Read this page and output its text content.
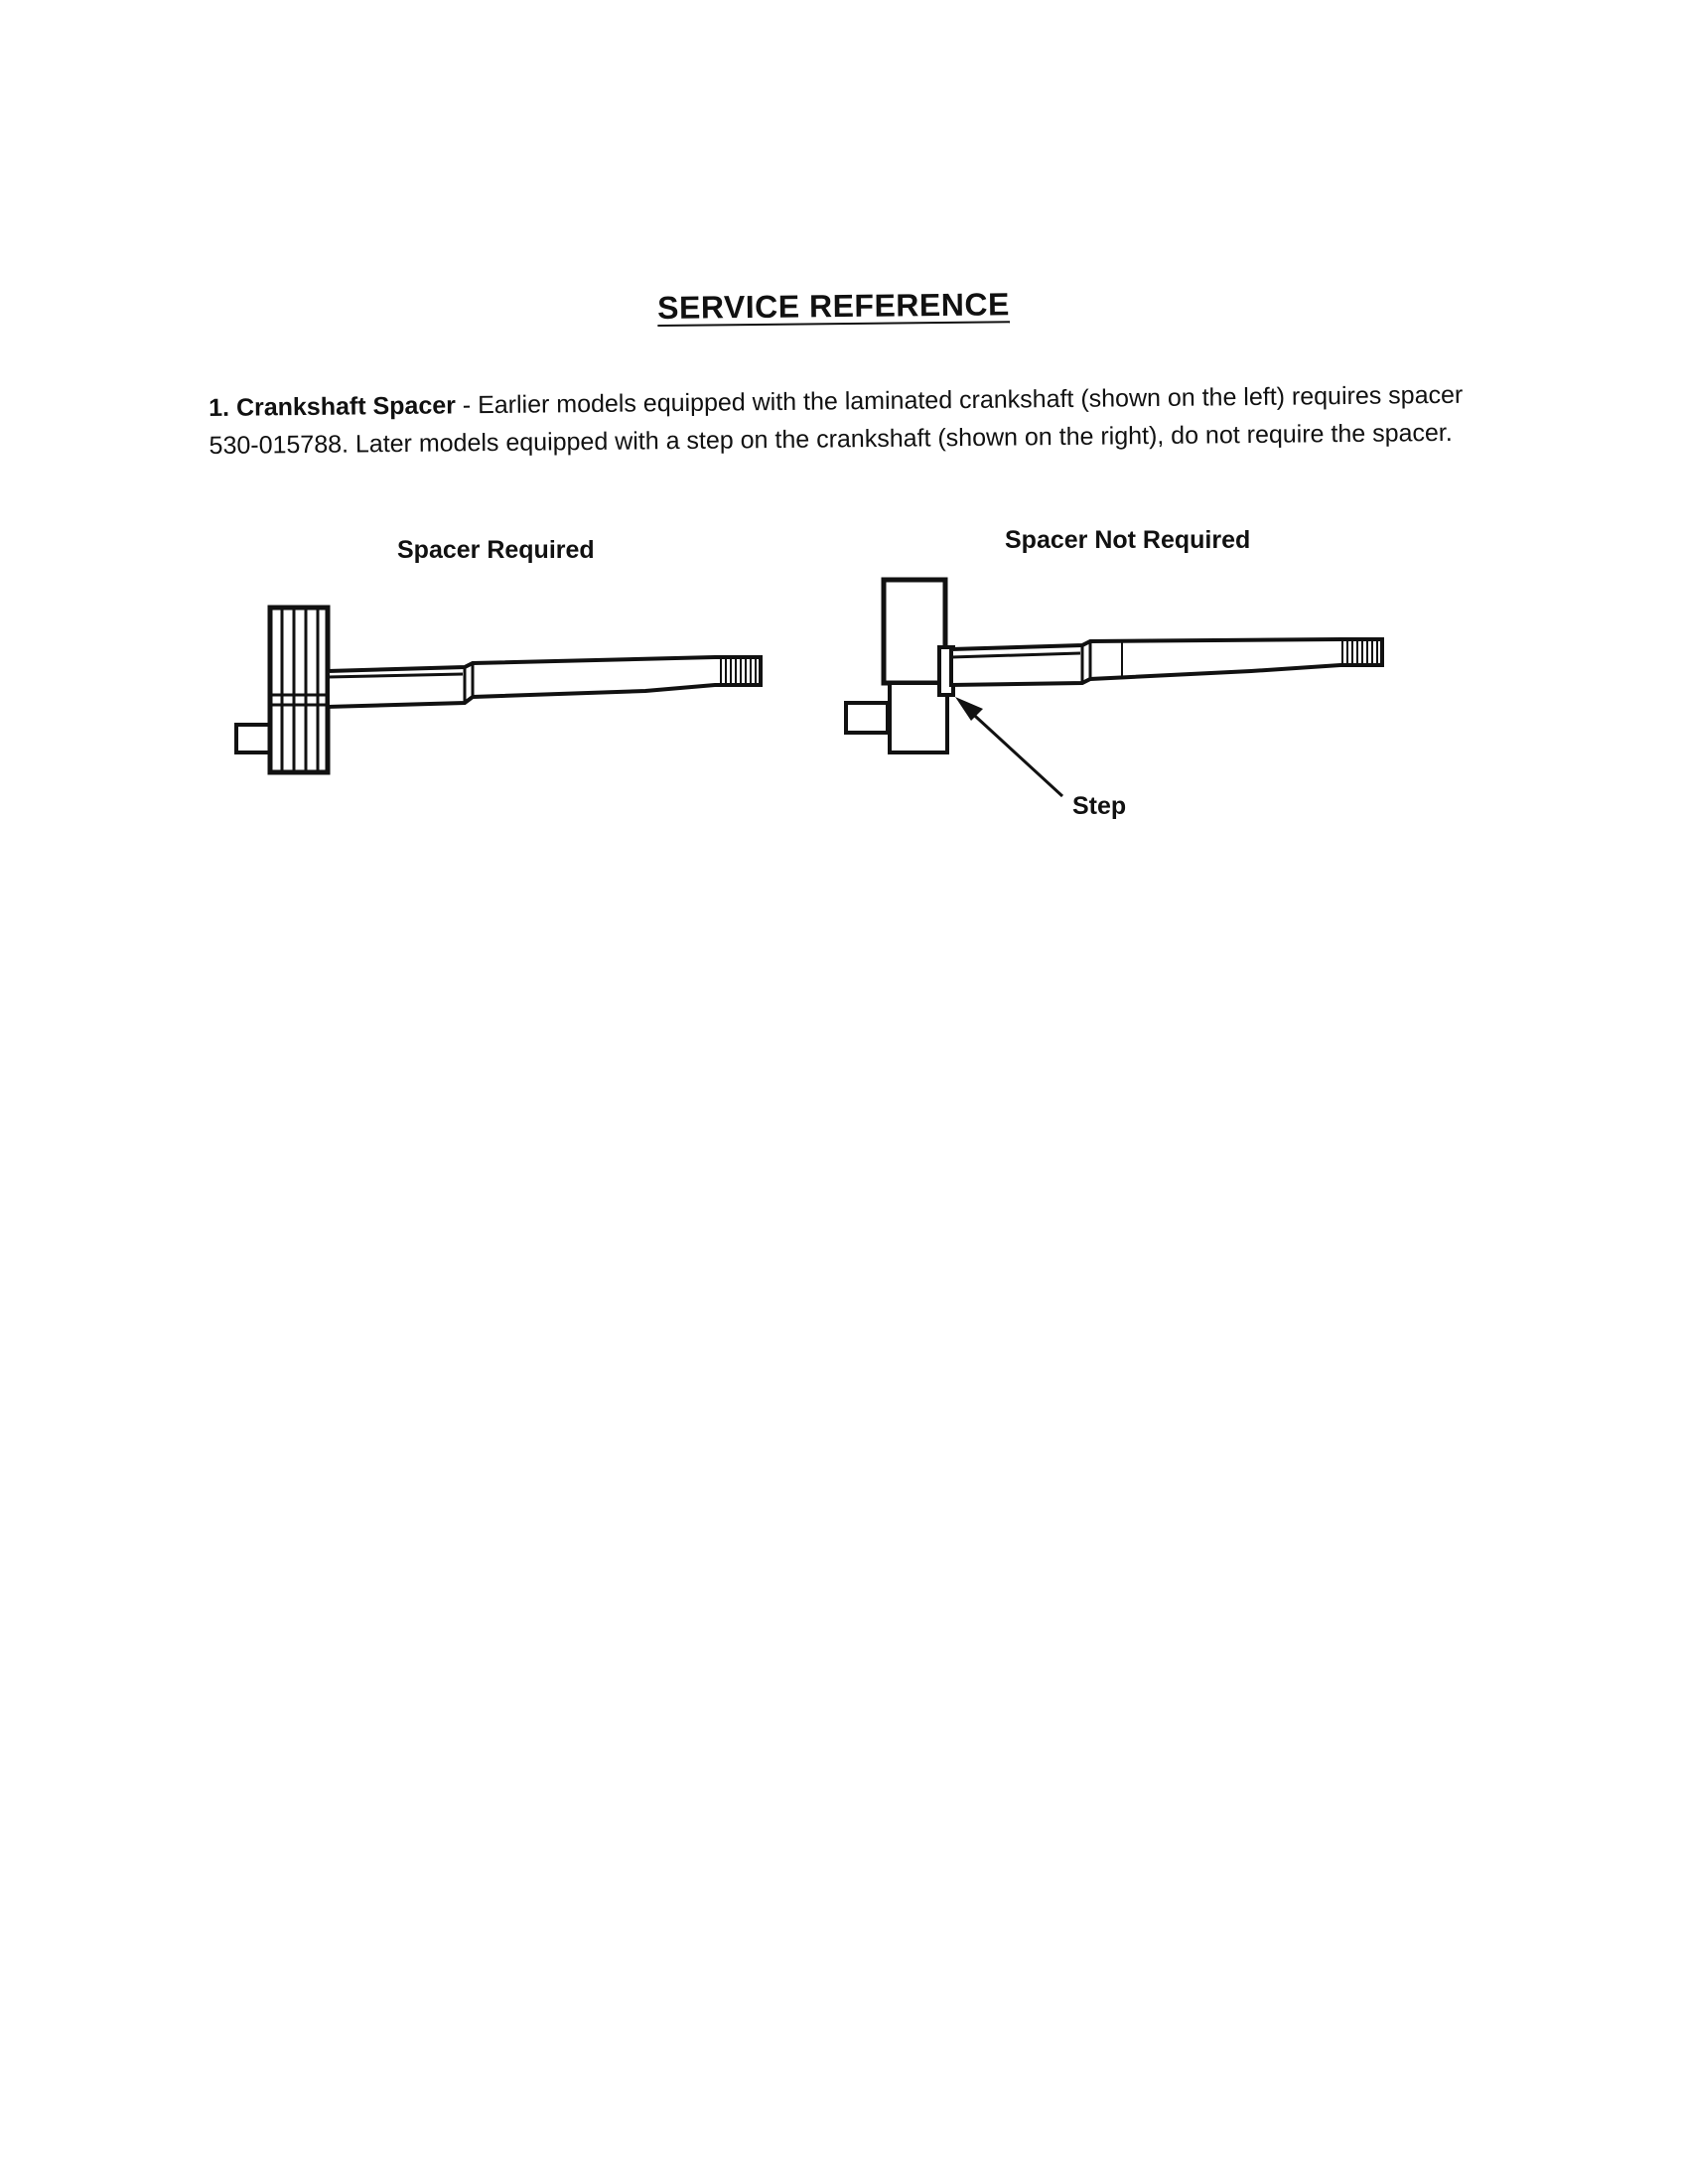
SERVICE REFERENCE
1. Crankshaft Spacer - Earlier models equipped with the laminated crankshaft (shown on the left) requires spacer 530-015788. Later models equipped with a step on the crankshaft (shown on the right), do not require the spacer.
Spacer Required	Spacer Not Required
Step
